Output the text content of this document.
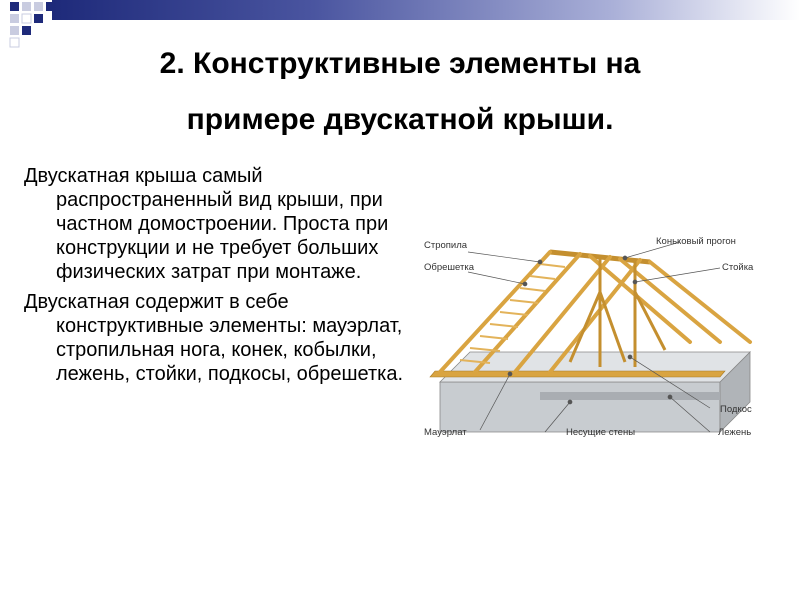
2. Конструктивные элементы на
примере двускатной крыши.

Двускатная крыша самый распространенный вид крыши, при частном домостроении. Проста при конструкции и не требует больших физических затрат при монтаже.

Двускатная содержит в себе конструктивные элементы: мауэрлат, стропильная нога, конек, кобылки, лежень, стойки, подкосы, обрешетка.

Стропила
Обрешетка
Коньковый прогон
Стойка
Подкос
Мауэрлат	Несущие стены	Лежень
